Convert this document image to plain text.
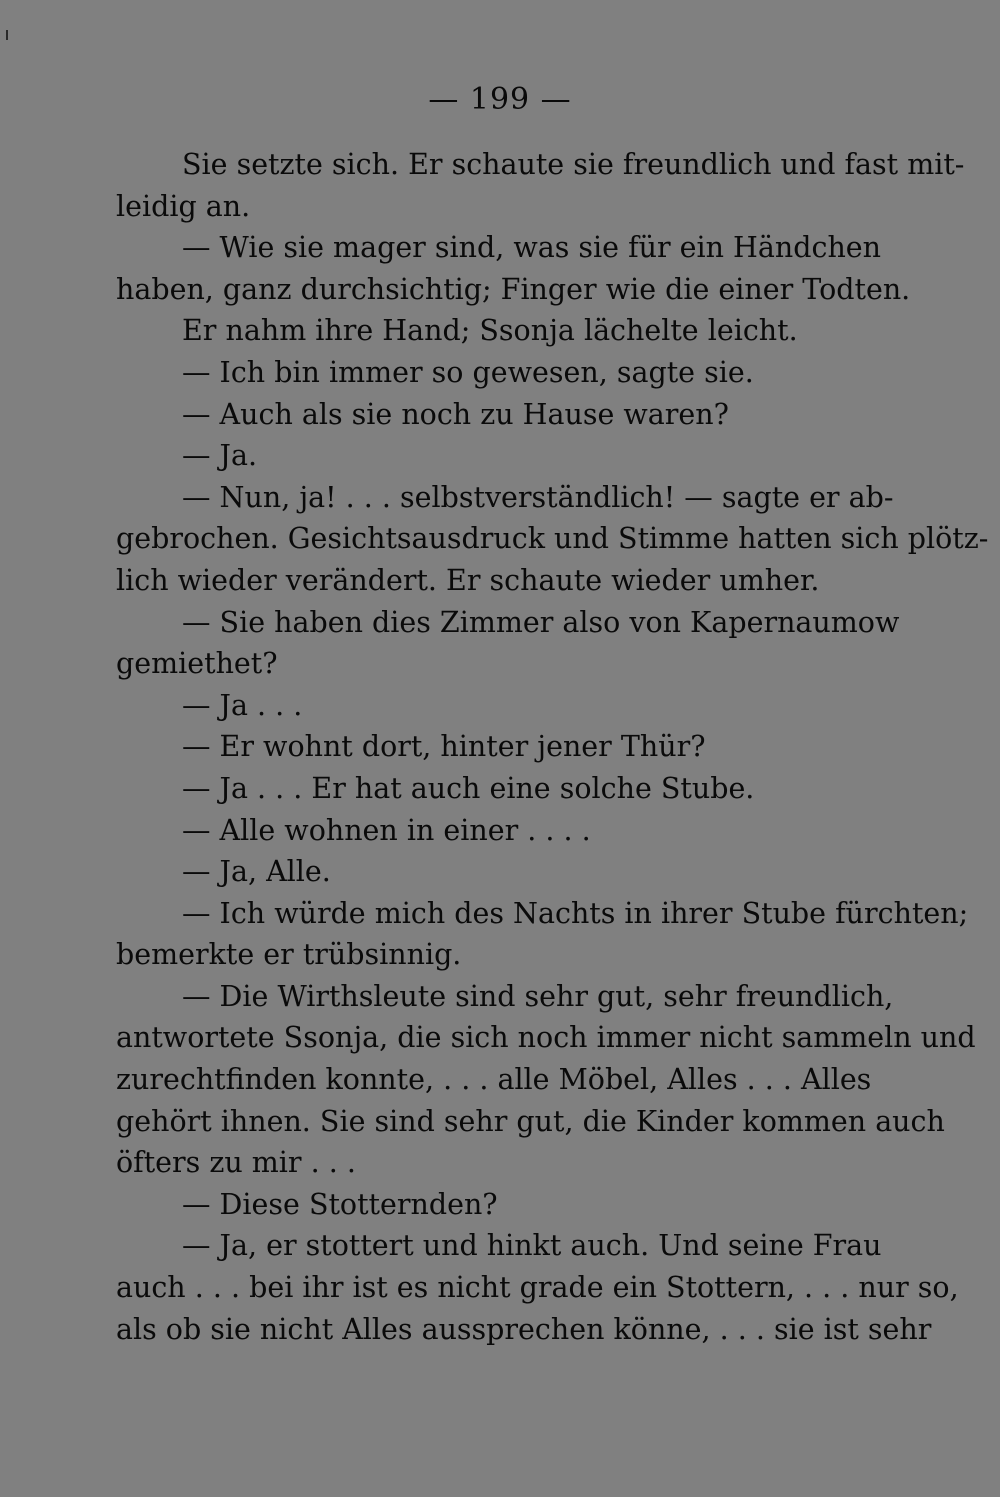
— 199 —
Sie setzte sich. Er schaute sie freundlich und fast mit-
leidig an.
— Wie sie mager sind, was sie für ein Händchen
haben, ganz durchsichtig; Finger wie die einer Todten.
Er nahm ihre Hand; Ssonja lächelte leicht.
— Ich bin immer so gewesen, sagte sie.
— Auch als sie noch zu Hause waren?
— Ja.
— Nun, ja! . . . selbstverständlich! — sagte er ab-
gebrochen. Gesichtsausdruck und Stimme hatten sich plötz-
lich wieder verändert. Er schaute wieder umher.
— Sie haben dies Zimmer also von Kapernaumow
gemiethet?
— Ja . . .
— Er wohnt dort, hinter jener Thür?
— Ja . . . Er hat auch eine solche Stube.
— Alle wohnen in einer . . . .
— Ja, Alle.
— Ich würde mich des Nachts in ihrer Stube fürchten;
bemerkte er trübsinnig.
— Die Wirthsleute sind sehr gut, sehr freundlich,
antwortete Ssonja, die sich noch immer nicht sammeln und
zurechtfinden konnte, . . . alle Möbel, Alles . . . Alles
gehört ihnen. Sie sind sehr gut, die Kinder kommen auch
öfters zu mir . . .
— Diese Stotternden?
— Ja, er stottert und hinkt auch. Und seine Frau
auch . . . bei ihr ist es nicht grade ein Stottern, . . . nur so,
als ob sie nicht Alles aussprechen könne, . . . sie ist sehr
